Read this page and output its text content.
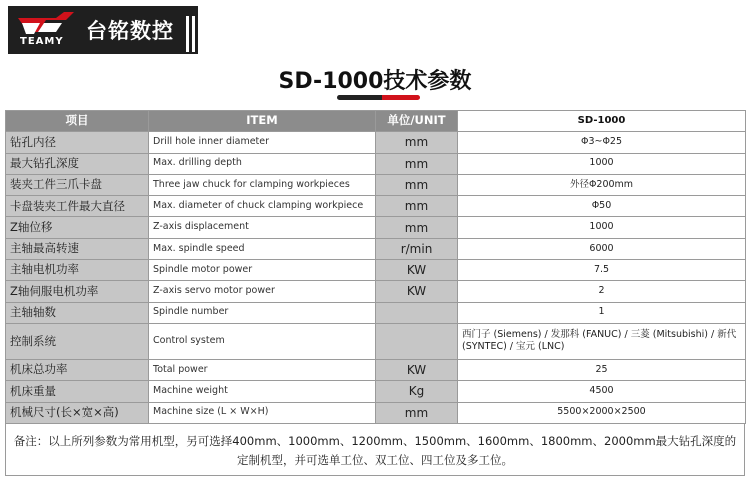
TEAMY 台铭数控
SD-1000技术参数
项目	ITEM	单位/UNIT	SD-1000
钻孔内径	Drill hole inner diameter	mm	Φ3~Φ25
最大钻孔深度	Max. drilling depth	mm	1000
装夹工件三爪卡盘	Three jaw chuck for clamping workpieces	mm	外径Φ200mm
卡盘装夹工件最大直径	Max. diameter of chuck clamping workpiece	mm	Φ50
Z轴位移	Z-axis displacement	mm	1000
主轴最高转速	Max. spindle speed	r/min	6000
主轴电机功率	Spindle motor power	KW	7.5
Z轴伺服电机功率	Z-axis servo motor power	KW	2
主轴轴数	Spindle number		1
控制系统	Control system		西门子 (Siemens) / 发那科 (FANUC) / 三菱 (Mitsubishi) / 新代 (SYNTEC) / 宝元 (LNC)
机床总功率	Total power	KW	25
机床重量	Machine weight	Kg	4500
机械尺寸(长×宽×高)	Machine size (L × W×H)	mm	5500×2000×2500
备注：以上所列参数为常用机型，另可选择400mm、1000mm、1200mm、1500mm、1600mm、1800mm、2000mm最大钻孔深度的定制机型，并可选单工位、双工位、四工位及多工位。
